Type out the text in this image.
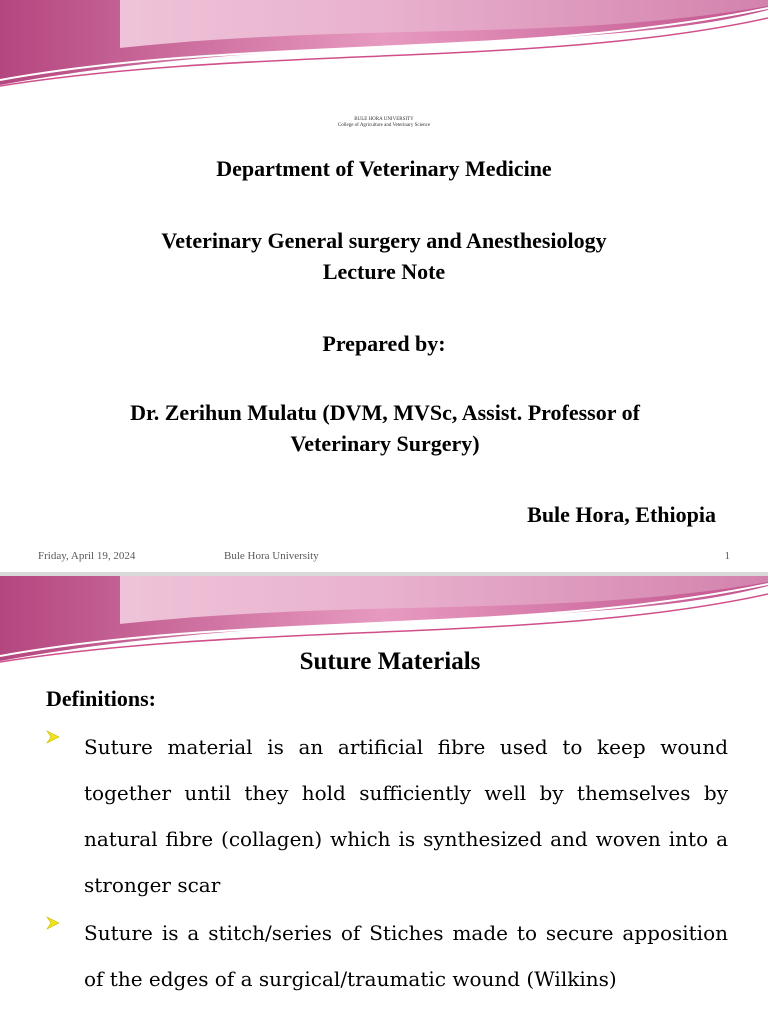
BULE HORA UNIVERSITY
College of Agriculture and Veterinary Science
Department of Veterinary Medicine
Veterinary General surgery and Anesthesiology
Lecture Note
Prepared by:
Dr. Zerihun Mulatu (DVM, MVSc, Assist. Professor of
Veterinary Surgery)
Bule Hora, Ethiopia
Friday, April 19, 2024	Bule Hora University	1
Suture Materials
Definitions:
Suture material is an artificial fibre used to keep wound together until they hold sufficiently well by themselves by natural fibre (collagen) which is synthesized and woven into a stronger scar
Suture is a stitch/series of Stiches made to secure apposition of the edges of a surgical/traumatic wound (Wilkins)
